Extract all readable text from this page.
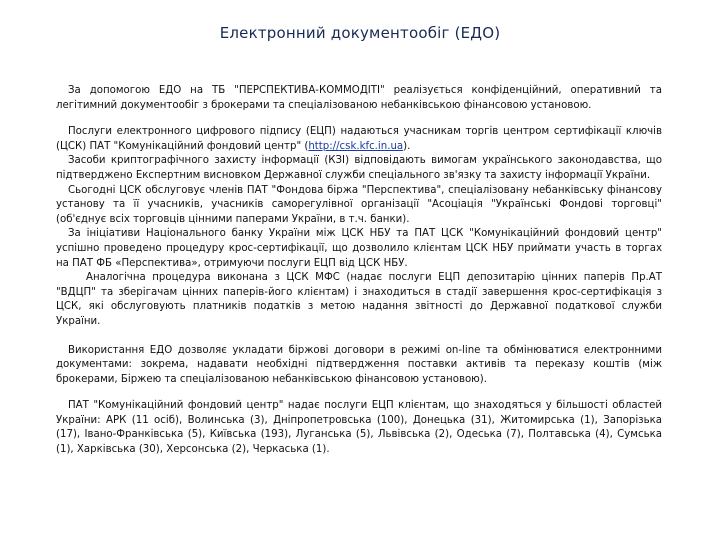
Електронний документообіг (ЕДО)

За допомогою ЕДО на ТБ "ПЕРСПЕКТИВА-КОММОДІТІ" реалізується конфіденційний, оперативний та легітимний документообіг з брокерами та спеціалізованою небанківською фінансовою установою.

Послуги електронного цифрового підпису (ЕЦП) надаються учасникам торгів центром сертифікації ключів (ЦСК) ПАТ "Комунікаційний фондовий центр" (http://csk.kfc.in.ua).

Засоби криптографічного захисту інформації (КЗІ) відповідають вимогам українського законодавства, що підтверджено Експертним висновком Державної служби спеціального зв'язку та захисту інформації України.

Сьогодні ЦСК обслуговує членів ПАТ "Фондова біржа "Перспектива", спеціалізовану небанківську фінансову установу та її учасників, учасників саморегулівної організації "Асоціація "Українські Фондові торговці" (об'єднує всіх торговців цінними паперами України, в т.ч. банки).

За ініціативи Національного банку України між ЦСК НБУ та ПАТ ЦСК "Комунікаційний фондовий центр" успішно проведено процедуру крос-сертифікації, що дозволило клієнтам ЦСК НБУ приймати участь в торгах на ПАТ ФБ «Перспектива», отримуючи послуги ЕЦП від ЦСК НБУ.

Аналогічна процедура виконана з ЦСК МФС (надає послуги ЕЦП депозитарію цінних паперів Пр.АТ "ВДЦП" та зберігачам цінних паперів-його клієнтам) і знаходиться в стадії завершення крос-сертифікація з ЦСК, які обслуговують платників податків з метою надання звітності до Державної податкової служби України.

Використання ЕДО дозволяє укладати біржові договори в режимі on-line та обмінюватися електронними документами: зокрема, надавати необхідні підтвердження поставки активів та переказу коштів (між брокерами, Біржею та спеціалізованою небанківською фінансовою установою).

ПАТ "Комунікаційний фондовий центр" надає послуги ЕЦП клієнтам, що знаходяться у більшості областей України: АРК (11 осіб), Волинська (3), Дніпропетровська (100), Донецька (31), Житомирська (1), Запорізька (17), Івано-Франківська (5), Київська (193), Луганська (5), Львівська (2), Одеська (7), Полтавська (4), Сумська (1), Харківська (30), Херсонська (2), Черкаська (1).
